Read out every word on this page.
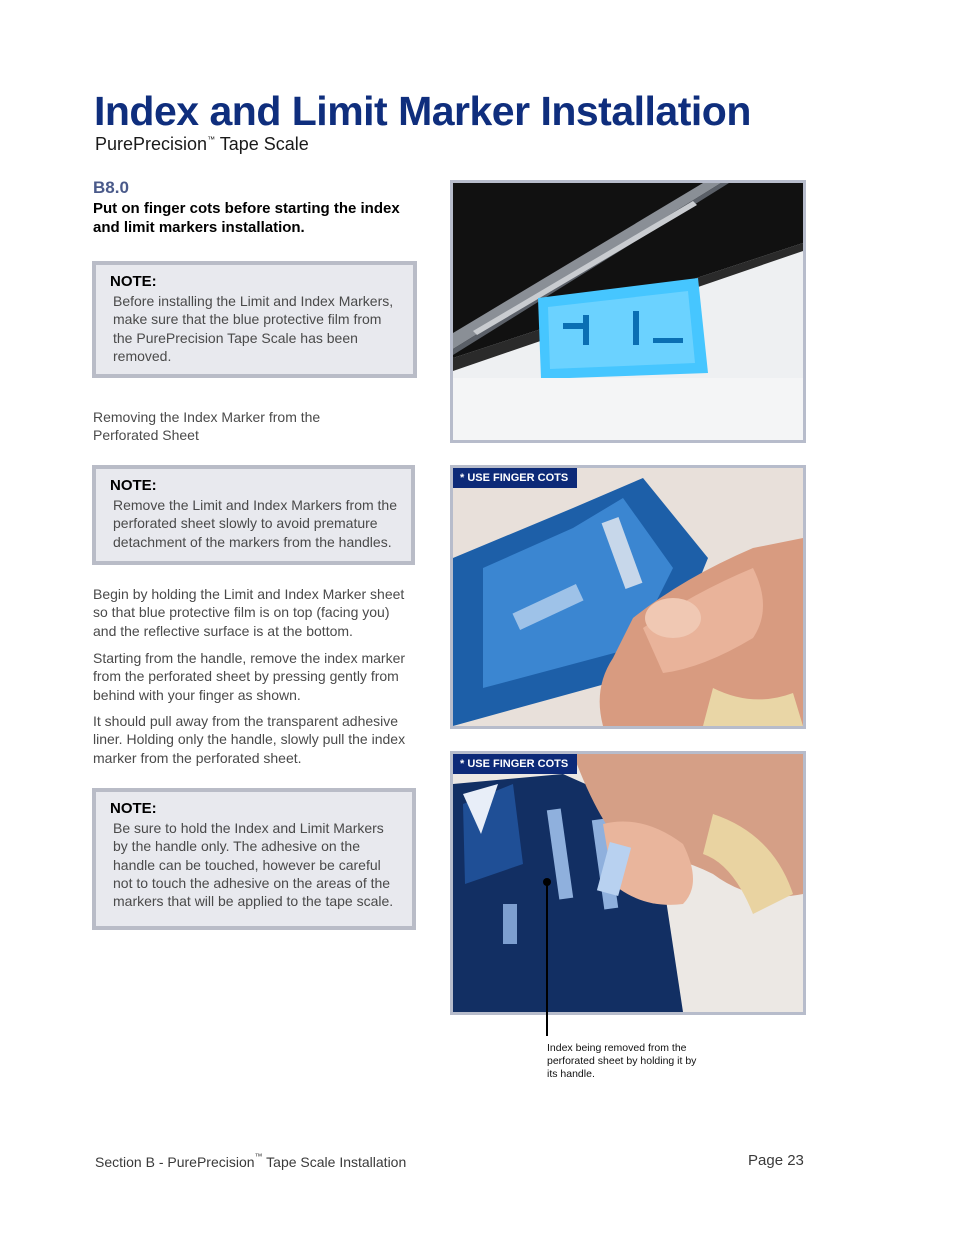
Index and Limit Marker Installation
PurePrecision™ Tape Scale
B8.0
Put on finger cots before starting the index and limit markers installation.
NOTE:
Before installing the Limit and Index Markers, make sure that the blue protective film from the PurePrecision Tape Scale has been removed.
Removing the Index Marker from the Perforated Sheet
NOTE:
Remove the Limit and Index Markers from the perforated sheet slowly to avoid premature detachment of the markers from the handles.
Begin by holding the Limit and Index Marker sheet so that blue protective film is on top (facing you) and the reflective surface is at the bottom.
Starting from the handle, remove the index marker from the perforated sheet by pressing gently from behind with your finger as shown.
It should pull away from the transparent adhesive liner. Holding only the handle, slowly pull the index marker from the perforated sheet.
NOTE:
Be sure to hold the Index and Limit Markers by the handle only. The adhesive on the handle can be touched, however be careful not to touch the adhesive on the areas of the markers that will be applied to the tape scale.
* USE FINGER COTS
* USE FINGER COTS
Index being removed from the perforated sheet by holding it by its handle.
Section B - PurePrecision™ Tape Scale Installation	Page 23
